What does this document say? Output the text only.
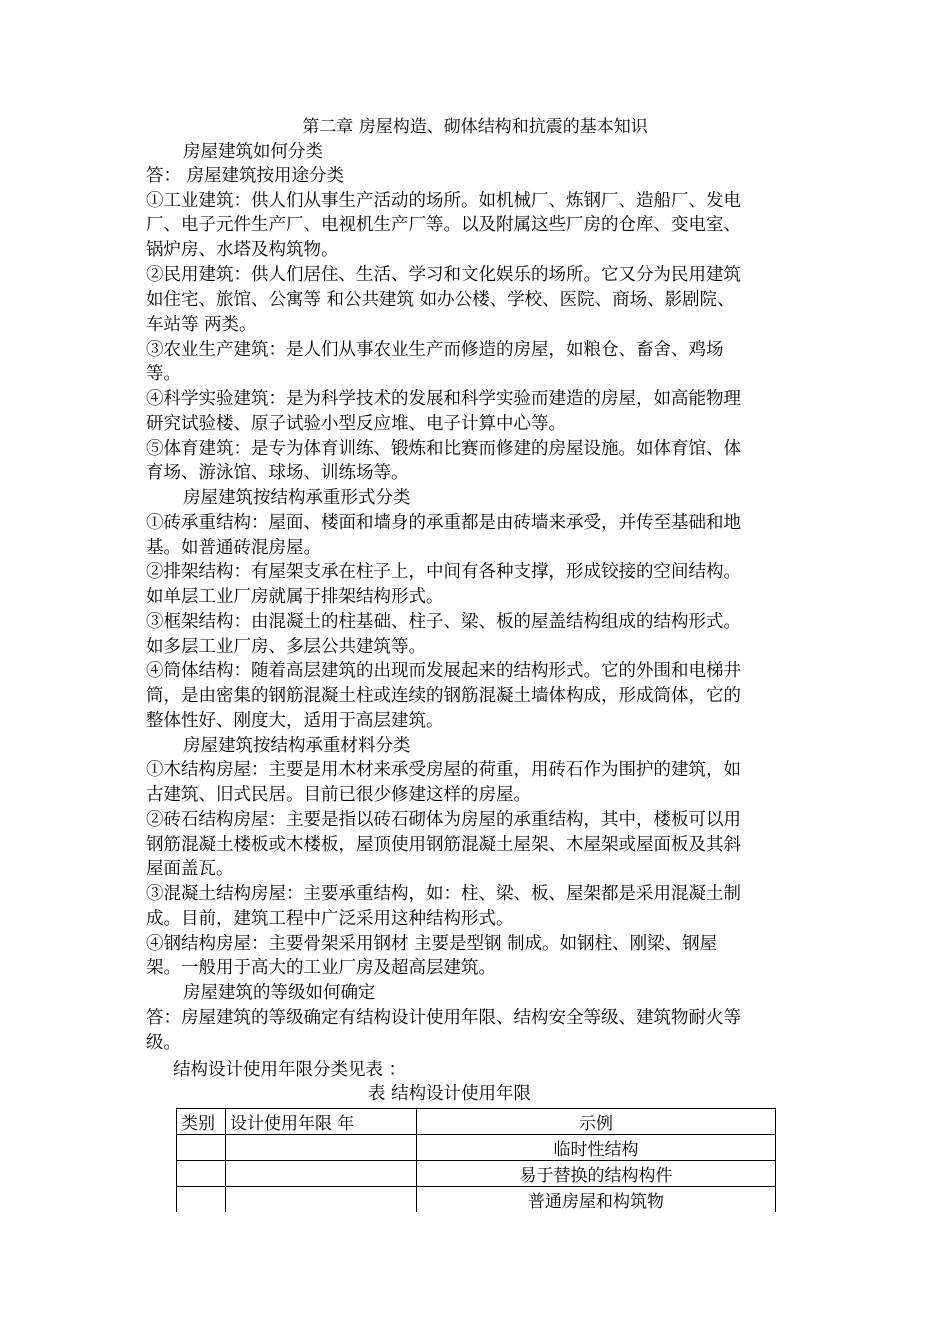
第二章 房屋构造、砌体结构和抗震的基本知识
房屋建筑如何分类
答： 房屋建筑按用途分类
①工业建筑：供人们从事生产活动的场所。如机械厂、炼钢厂、造船厂、发电
厂、电子元件生产厂、电视机生产厂等。以及附属这些厂房的仓库、变电室、
锅炉房、水塔及构筑物。
②民用建筑：供人们居住、生活、学习和文化娱乐的场所。它又分为民用建筑
如住宅、旅馆、公寓等 和公共建筑 如办公楼、学校、医院、商场、影剧院、
车站等 两类。
③农业生产建筑：是人们从事农业生产而修造的房屋，如粮仓、畜舍、鸡场
等。
④科学实验建筑：是为科学技术的发展和科学实验而建造的房屋，如高能物理
研究试验楼、原子试验小型反应堆、电子计算中心等。
⑤体育建筑：是专为体育训练、锻炼和比赛而修建的房屋设施。如体育馆、体
育场、游泳馆、球场、训练场等。
房屋建筑按结构承重形式分类
①砖承重结构：屋面、楼面和墙身的承重都是由砖墙来承受，并传至基础和地
基。如普通砖混房屋。
②排架结构：有屋架支承在柱子上，中间有各种支撑，形成铰接的空间结构。
如单层工业厂房就属于排架结构形式。
③框架结构：由混凝土的柱基础、柱子、梁、板的屋盖结构组成的结构形式。
如多层工业厂房、多层公共建筑等。
④筒体结构：随着高层建筑的出现而发展起来的结构形式。它的外围和电梯井
筒，是由密集的钢筋混凝土柱或连续的钢筋混凝土墙体构成，形成筒体，它的
整体性好、刚度大，适用于高层建筑。
房屋建筑按结构承重材料分类
①木结构房屋：主要是用木材来承受房屋的荷重，用砖石作为围护的建筑，如
古建筑、旧式民居。目前已很少修建这样的房屋。
②砖石结构房屋：主要是指以砖石砌体为房屋的承重结构，其中，楼板可以用
钢筋混凝土楼板或木楼板，屋顶使用钢筋混凝土屋架、木屋架或屋面板及其斜
屋面盖瓦。
③混凝土结构房屋：主要承重结构，如：柱、梁、板、屋架都是采用混凝土制
成。目前，建筑工程中广泛采用这种结构形式。
④钢结构房屋：主要骨架采用钢材 主要是型钢 制成。如钢柱、刚梁、钢屋
架。一般用于高大的工业厂房及超高层建筑。
房屋建筑的等级如何确定
答：房屋建筑的等级确定有结构设计使用年限、结构安全等级、建筑物耐火等
级。
结构设计使用年限分类见表 ：
表 结构设计使用年限
类别	设计使用年限 年	示例
		临时性结构
		易于替换的结构构件
		普通房屋和构筑物
